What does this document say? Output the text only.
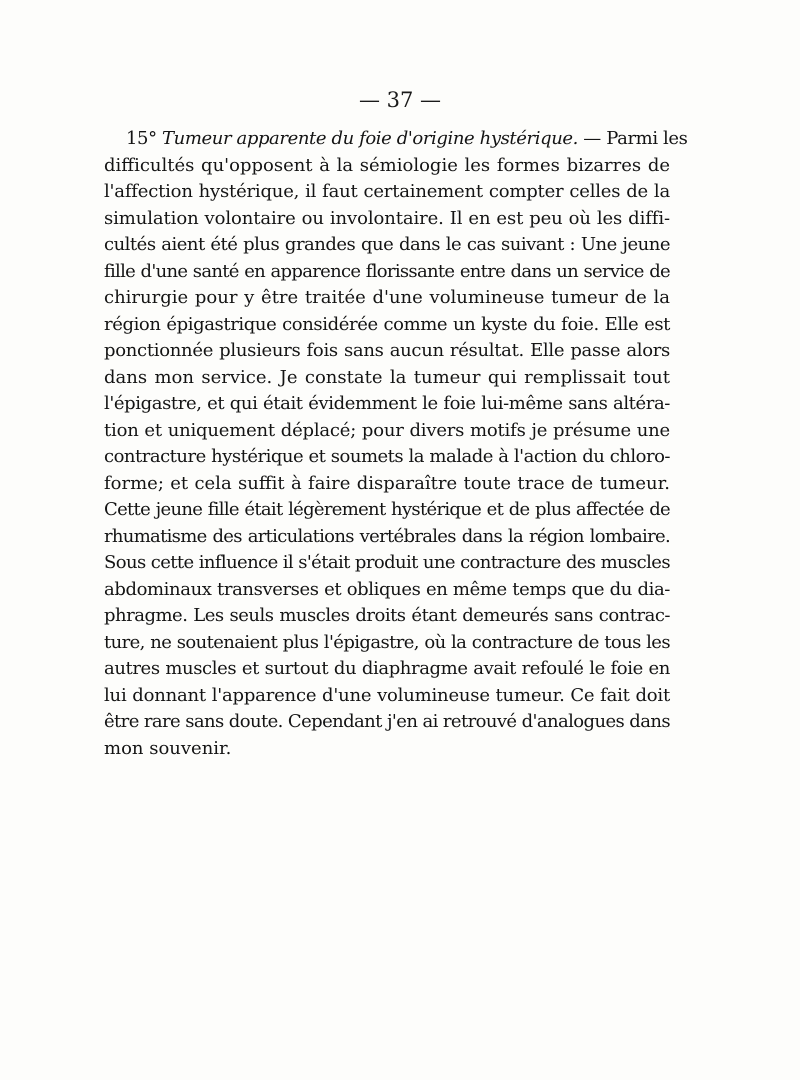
— 37 —
15° Tumeur apparente du foie d'origine hystérique. — Parmi les
difficultés qu'opposent à la sémiologie les formes bizarres de
l'affection hystérique, il faut certainement compter celles de la
simulation volontaire ou involontaire. Il en est peu où les diffi-
cultés aient été plus grandes que dans le cas suivant : Une jeune
fille d'une santé en apparence florissante entre dans un service de
chirurgie pour y être traitée d'une volumineuse tumeur de la
région épigastrique considérée comme un kyste du foie. Elle est
ponctionnée plusieurs fois sans aucun résultat. Elle passe alors
dans mon service. Je constate la tumeur qui remplissait tout
l'épigastre, et qui était évidemment le foie lui-même sans altéra-
tion et uniquement déplacé; pour divers motifs je présume une
contracture hystérique et soumets la malade à l'action du chloro-
forme; et cela suffit à faire disparaître toute trace de tumeur.
Cette jeune fille était légèrement hystérique et de plus affectée de
rhumatisme des articulations vertébrales dans la région lombaire.
Sous cette influence il s'était produit une contracture des muscles
abdominaux transverses et obliques en même temps que du dia-
phragme. Les seuls muscles droits étant demeurés sans contrac-
ture, ne soutenaient plus l'épigastre, où la contracture de tous les
autres muscles et surtout du diaphragme avait refoulé le foie en
lui donnant l'apparence d'une volumineuse tumeur. Ce fait doit
être rare sans doute. Cependant j'en ai retrouvé d'analogues dans
mon souvenir.
